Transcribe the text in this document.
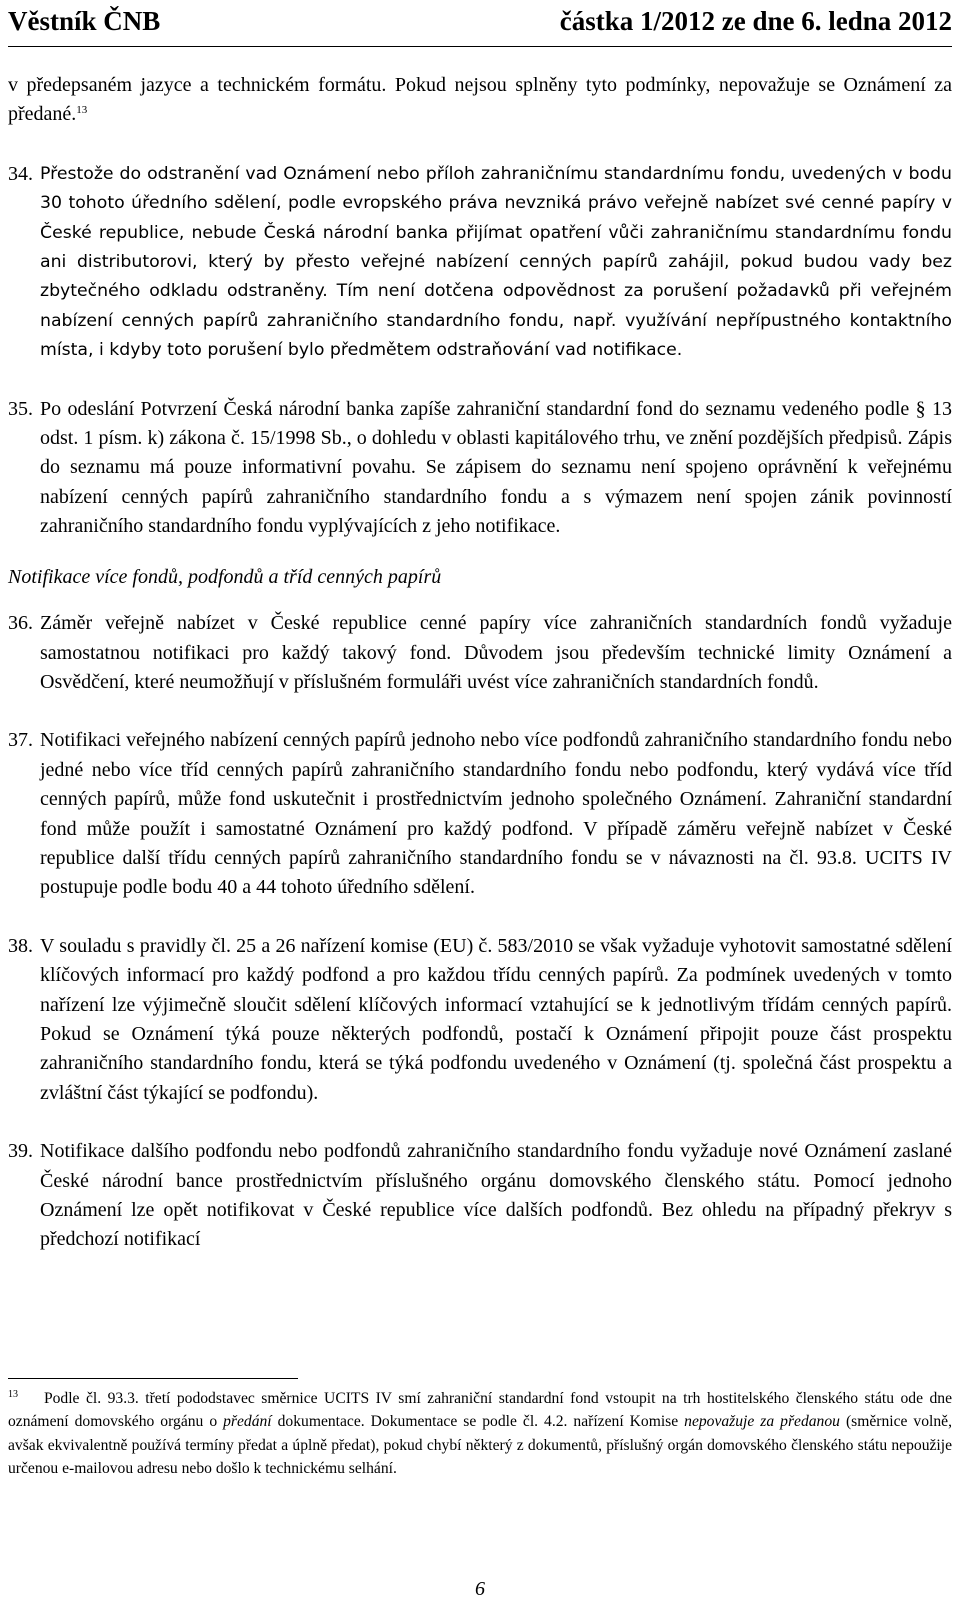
Věstník ČNB	částka 1/2012 ze dne 6. ledna 2012

v předepsaném jazyce a technickém formátu. Pokud nejsou splněny tyto podmínky, nepovažuje se Oznámení za předané.$^{13}$

34. Přestože do odstranění vad Oznámení nebo příloh zahraničnímu standardnímu fondu, uvedených v bodu 30 tohoto úředního sdělení, podle evropského práva nevzniká právo veřejně nabízet své cenné papíry v České republice, nebude Česká národní banka přijímat opatření vůči zahraničnímu standardnímu fondu ani distributorovi, který by přesto veřejné nabízení cenných papírů zahájil, pokud budou vady bez zbytečného odkladu odstraněny. Tím není dotčena odpovědnost za porušení požadavků při veřejném nabízení cenných papírů zahraničního standardního fondu, např. využívání nepřípustného kontaktního místa, i kdyby toto porušení bylo předmětem odstraňování vad notifikace.
35. Po odeslání Potvrzení Česká národní banka zapíše zahraniční standardní fond do seznamu vedeného podle § 13 odst. 1 písm. k) zákona č. 15/1998 Sb., o dohledu v oblasti kapitálového trhu, ve znění pozdějších předpisů. Zápis do seznamu má pouze informativní povahu. Se zápisem do seznamu není spojeno oprávnění k veřejnému nabízení cenných papírů zahraničního standardního fondu a s výmazem není spojen zánik povinností zahraničního standardního fondu vyplývajících z jeho notifikace.

Notifikace více fondů, podfondů a tříd cenných papírů

36. Záměr veřejně nabízet v České republice cenné papíry více zahraničních standardních fondů vyžaduje samostatnou notifikaci pro každý takový fond. Důvodem jsou především technické limity Oznámení a Osvědčení, které neumožňují v příslušném formuláři uvést více zahraničních standardních fondů.
37. Notifikaci veřejného nabízení cenných papírů jednoho nebo více podfondů zahraničního standardního fondu nebo jedné nebo více tříd cenných papírů zahraničního standardního fondu nebo podfondu, který vydává více tříd cenných papírů, může fond uskutečnit i prostřednictvím jednoho společného Oznámení. Zahraniční standardní fond může použít i samostatné Oznámení pro každý podfond. V případě záměru veřejně nabízet v České republice další třídu cenných papírů zahraničního standardního fondu se v návaznosti na čl. 93.8. UCITS IV postupuje podle bodu 40 a 44 tohoto úředního sdělení.
38. V souladu s pravidly čl. 25 a 26 nařízení komise (EU) č. 583/2010 se však vyžaduje vyhotovit samostatné sdělení klíčových informací pro každý podfond a pro každou třídu cenných papírů. Za podmínek uvedených v tomto nařízení lze výjimečně sloučit sdělení klíčových informací vztahující se k jednotlivým třídám cenných papírů. Pokud se Oznámení týká pouze některých podfondů, postačí k Oznámení připojit pouze část prospektu zahraničního standardního fondu, která se týká podfondu uvedeného v Oznámení (tj. společná část prospektu a zvláštní část týkající se podfondu).
39. Notifikace dalšího podfondu nebo podfondů zahraničního standardního fondu vyžaduje nové Oznámení zaslané České národní bance prostřednictvím příslušného orgánu domovského členského státu. Pomocí jednoho Oznámení lze opět notifikovat v České republice více dalších podfondů. Bez ohledu na případný překryv s předchozí notifikací
$^{13}$ Podle čl. 93.3. třetí pododstavec směrnice UCITS IV smí zahraniční standardní fond vstoupit na trh hostitelského členského státu ode dne oznámení domovského orgánu o předání dokumentace. Dokumentace se podle čl. 4.2. nařízení Komise nepovažuje za předanou (směrnice volně, avšak ekvivalentně používá termíny předat a úplně předat), pokud chybí některý z dokumentů, příslušný orgán domovského členského státu nepoužije určenou e-mailovou adresu nebo došlo k technickému selhání.
6
